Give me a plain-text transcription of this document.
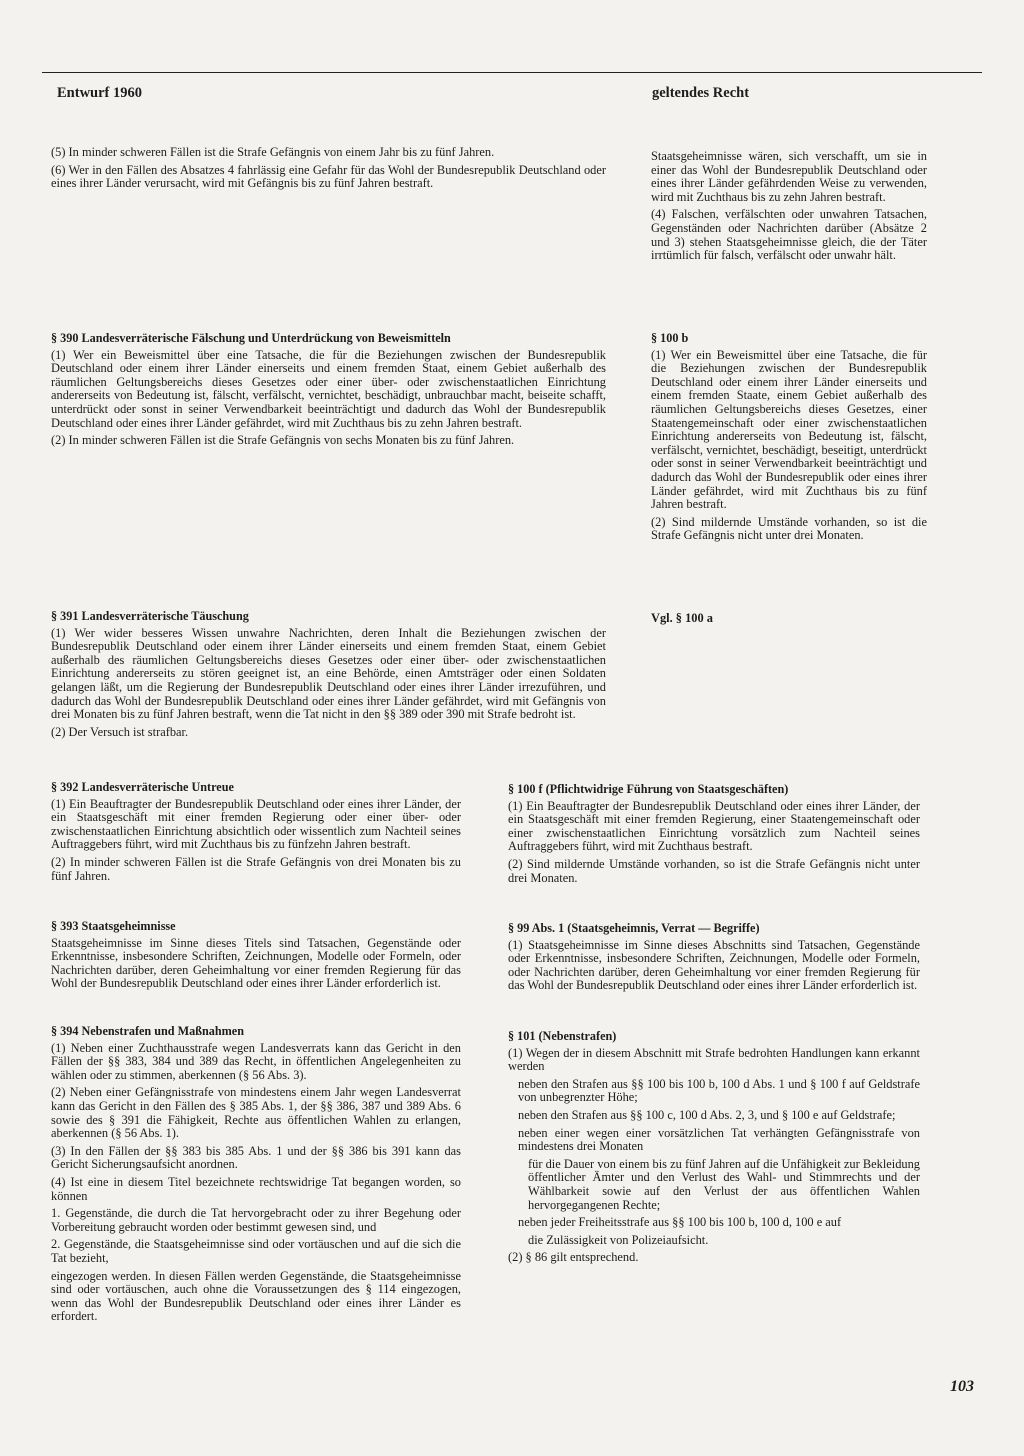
Entwurf 1960	geltendes Recht

(5) In minder schweren Fällen ist die Strafe Gefängnis von einem Jahr bis zu fünf Jahren.

(6) Wer in den Fällen des Absatzes 4 fahrlässig eine Gefahr für das Wohl der Bundesrepublik Deutschland oder eines ihrer Länder verursacht, wird mit Gefängnis bis zu fünf Jahren bestraft.

Staatsgeheimnisse wären, sich verschafft, um sie in einer das Wohl der Bundesrepublik Deutschland oder eines ihrer Länder gefährdenden Weise zu verwenden, wird mit Zuchthaus bis zu zehn Jahren bestraft.

(4) Falschen, verfälschten oder unwahren Tatsachen, Gegenständen oder Nachrichten darüber (Absätze 2 und 3) stehen Staatsgeheimnisse gleich, die der Täter irrtümlich für falsch, verfälscht oder unwahr hält.

§ 390 Landesverräterische Fälschung und Unterdrückung von Beweismitteln

(1) Wer ein Beweismittel über eine Tatsache, die für die Beziehungen zwischen der Bundesrepublik Deutschland oder einem ihrer Länder einerseits und einem fremden Staat, einem Gebiet außerhalb des räumlichen Geltungsbereichs dieses Gesetzes oder einer über- oder zwischenstaatlichen Einrichtung andererseits von Bedeutung ist, fälscht, verfälscht, vernichtet, beschädigt, unbrauchbar macht, beiseite schafft, unterdrückt oder sonst in seiner Verwendbarkeit beeinträchtigt und dadurch das Wohl der Bundesrepublik Deutschland oder eines ihrer Länder gefährdet, wird mit Zuchthaus bis zu zehn Jahren bestraft.

(2) In minder schweren Fällen ist die Strafe Gefängnis von sechs Monaten bis zu fünf Jahren.

§ 100 b

(1) Wer ein Beweismittel über eine Tatsache, die für die Beziehungen zwischen der Bundesrepublik Deutschland oder einem ihrer Länder einerseits und einem fremden Staate, einem Gebiet außerhalb des räumlichen Geltungsbereichs dieses Gesetzes, einer Staatengemeinschaft oder einer zwischenstaatlichen Einrichtung andererseits von Bedeutung ist, fälscht, verfälscht, vernichtet, beschädigt, beseitigt, unterdrückt oder sonst in seiner Verwendbarkeit beeinträchtigt und dadurch das Wohl der Bundesrepublik oder eines ihrer Länder gefährdet, wird mit Zuchthaus bis zu fünf Jahren bestraft.

(2) Sind mildernde Umstände vorhanden, so ist die Strafe Gefängnis nicht unter drei Monaten.

§ 391 Landesverräterische Täuschung

(1) Wer wider besseres Wissen unwahre Nachrichten, deren Inhalt die Beziehungen zwischen der Bundesrepublik Deutschland oder einem ihrer Länder einerseits und einem fremden Staat, einem Gebiet außerhalb des räumlichen Geltungsbereichs dieses Gesetzes oder einer über- oder zwischenstaatlichen Einrichtung andererseits zu stören geeignet ist, an eine Behörde, einen Amtsträger oder einen Soldaten gelangen läßt, um die Regierung der Bundesrepublik Deutschland oder eines ihrer Länder irrezuführen, und dadurch das Wohl der Bundesrepublik Deutschland oder eines ihrer Länder gefährdet, wird mit Gefängnis von drei Monaten bis zu fünf Jahren bestraft, wenn die Tat nicht in den §§ 389 oder 390 mit Strafe bedroht ist.

(2) Der Versuch ist strafbar.

Vgl. § 100 a
§ 392 Landesverräterische Untreue

(1) Ein Beauftragter der Bundesrepublik Deutschland oder eines ihrer Länder, der ein Staatsgeschäft mit einer fremden Regierung oder einer über- oder zwischenstaatlichen Einrichtung absichtlich oder wissentlich zum Nachteil seines Auftraggebers führt, wird mit Zuchthaus bis zu fünfzehn Jahren bestraft.

(2) In minder schweren Fällen ist die Strafe Gefängnis von drei Monaten bis zu fünf Jahren.

§ 100 f (Pflichtwidrige Führung von Staatsgeschäften)

(1) Ein Beauftragter der Bundesrepublik Deutschland oder eines ihrer Länder, der ein Staatsgeschäft mit einer fremden Regierung, einer Staatengemeinschaft oder einer zwischenstaatlichen Einrichtung vorsätzlich zum Nachteil seines Auftraggebers führt, wird mit Zuchthaus bestraft.

(2) Sind mildernde Umstände vorhanden, so ist die Strafe Gefängnis nicht unter drei Monaten.

§ 393 Staatsgeheimnisse

Staatsgeheimnisse im Sinne dieses Titels sind Tatsachen, Gegenstände oder Erkenntnisse, insbesondere Schriften, Zeichnungen, Modelle oder Formeln, oder Nachrichten darüber, deren Geheimhaltung vor einer fremden Regierung für das Wohl der Bundesrepublik Deutschland oder eines ihrer Länder erforderlich ist.

§ 99 Abs. 1 (Staatsgeheimnis, Verrat — Begriffe)

(1) Staatsgeheimnisse im Sinne dieses Abschnitts sind Tatsachen, Gegenstände oder Erkenntnisse, insbesondere Schriften, Zeichnungen, Modelle oder Formeln, oder Nachrichten darüber, deren Geheimhaltung vor einer fremden Regierung für das Wohl der Bundesrepublik Deutschland oder eines ihrer Länder erforderlich ist.

§ 394 Nebenstrafen und Maßnahmen

(1) Neben einer Zuchthausstrafe wegen Landesverrats kann das Gericht in den Fällen der §§ 383, 384 und 389 das Recht, in öffentlichen Angelegenheiten zu wählen oder zu stimmen, aberkennen (§ 56 Abs. 3).

(2) Neben einer Gefängnisstrafe von mindestens einem Jahr wegen Landesverrat kann das Gericht in den Fällen des § 385 Abs. 1, der §§ 386, 387 und 389 Abs. 6 sowie des § 391 die Fähigkeit, Rechte aus öffentlichen Wahlen zu erlangen, aberkennen (§ 56 Abs. 1).

(3) In den Fällen der §§ 383 bis 385 Abs. 1 und der §§ 386 bis 391 kann das Gericht Sicherungsaufsicht anordnen.

(4) Ist eine in diesem Titel bezeichnete rechtswidrige Tat begangen worden, so können

1. Gegenstände, die durch die Tat hervorgebracht oder zu ihrer Begehung oder Vorbereitung gebraucht worden oder bestimmt gewesen sind, und

2. Gegenstände, die Staatsgeheimnisse sind oder vortäuschen und auf die sich die Tat bezieht,

eingezogen werden. In diesen Fällen werden Gegenstände, die Staatsgeheimnisse sind oder vortäuschen, auch ohne die Voraussetzungen des § 114 eingezogen, wenn das Wohl der Bundesrepublik Deutschland oder eines ihrer Länder es erfordert.

§ 101 (Nebenstrafen)

(1) Wegen der in diesem Abschnitt mit Strafe bedrohten Handlungen kann erkannt werden

neben den Strafen aus §§ 100 bis 100 b, 100 d Abs. 1 und § 100 f auf Geldstrafe von unbegrenzter Höhe;

neben den Strafen aus §§ 100 c, 100 d Abs. 2, 3, und § 100 e auf Geldstrafe;

neben einer wegen einer vorsätzlichen Tat verhängten Gefängnisstrafe von mindestens drei Monaten

für die Dauer von einem bis zu fünf Jahren auf die Unfähigkeit zur Bekleidung öffentlicher Ämter und den Verlust des Wahl- und Stimmrechts und der Wählbarkeit sowie auf den Verlust der aus öffentlichen Wahlen hervorgegangenen Rechte;

neben jeder Freiheitsstrafe aus §§ 100 bis 100 b, 100 d, 100 e auf

die Zulässigkeit von Polizeiaufsicht.

(2) § 86 gilt entsprechend.

103
